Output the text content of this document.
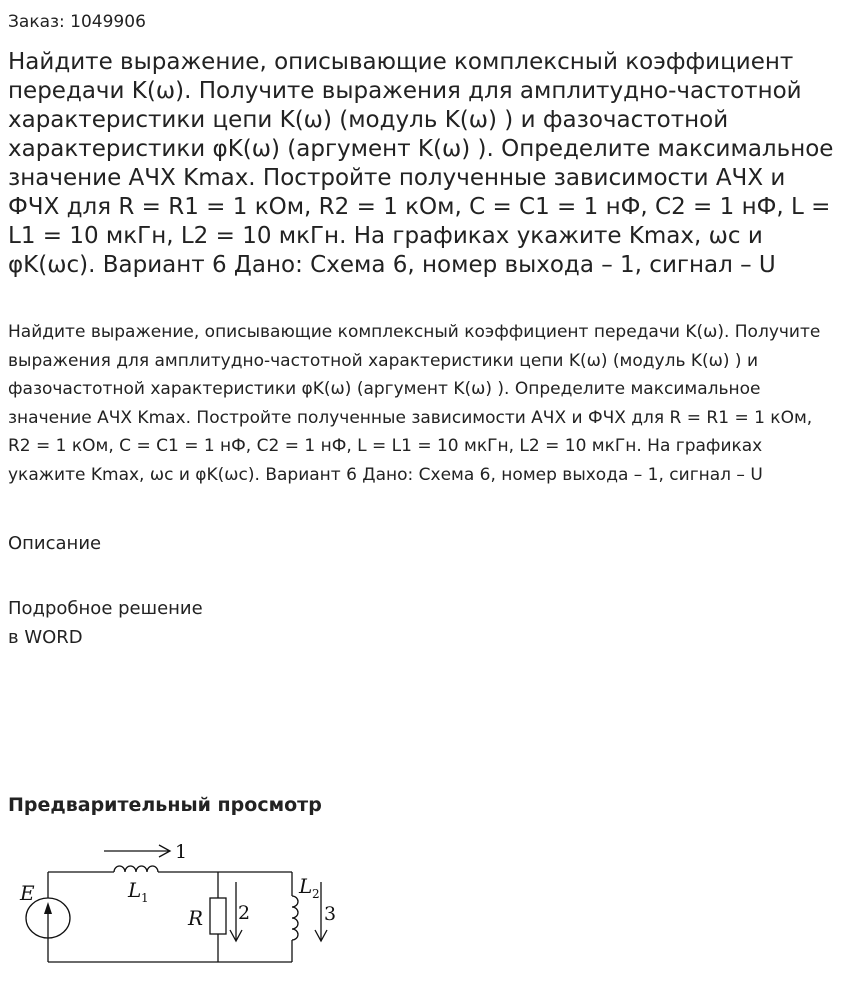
Заказ: 1049906

Найдите выражение, описывающие комплексный коэффициент передачи K(ω). Получите выражения для амплитудно-частотной характеристики цепи K(ω) (модуль K(ω) ) и фазочастотной характеристики φK(ω) (аргумент K(ω) ). Определите максимальное значение АЧХ Kmax. Постройте полученные зависимости АЧХ и ФЧХ для R = R1 = 1 кОм, R2 = 1 кОм, C = C1 = 1 нФ, C2 = 1 нФ, L = L1 = 10 мкГн, L2 = 10 мкГн. На графиках укажите Kmax, ωc и φK(ωc). Вариант 6 Дано: Схема 6, номер выхода – 1, сигнал – U

Найдите выражение, описывающие комплексный коэффициент передачи K(ω). Получите выражения для амплитудно-частотной характеристики цепи K(ω) (модуль K(ω) ) и фазочастотной характеристики φK(ω) (аргумент K(ω) ). Определите максимальное значение АЧХ Kmax. Постройте полученные зависимости АЧХ и ФЧХ для R = R1 = 1 кОм, R2 = 1 кОм, C = C1 = 1 нФ, C2 = 1 нФ, L = L1 = 10 мкГн, L2 = 10 мкГн. На графиках укажите Kmax, ωc и φK(ωc). Вариант 6 Дано: Схема 6, номер выхода – 1, сигнал – U

Описание

Подробное решение
в WORD

Предварительный просмотр
E	L 1
R
L 2
1
2	3
